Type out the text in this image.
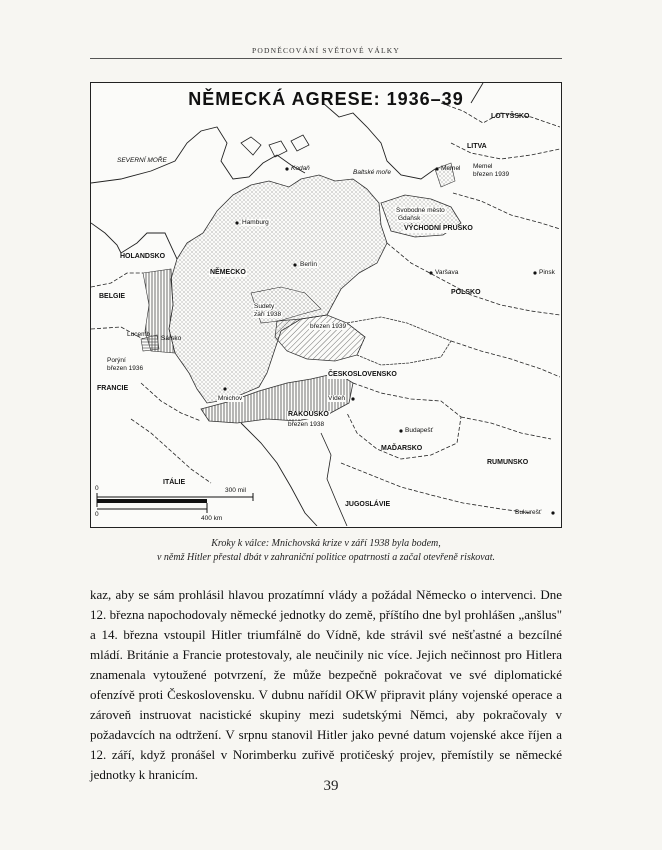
PODNĚCOVÁNÍ SVĚTOVÉ VÁLKY
NĚMECKÁ AGRESE: 1936–39
SEVERNÍ MOŘE
Baltské moře
Kodaň
Hamburg
Berlín
NĚMECKO
HOLANDSKO
BELGIE
Lucemb.
Sársko
Porýní
březen 1936
FRANCIE
Sudety
září 1938
březen 1939
ČESKOSLOVENSKO
Mnichov
RAKOUSKO
březen 1938
Vídeň
Budapešť
MAĎARSKO
LOTYŠSKO
LITVA
Memel Memel
březen 1939
Svobodné město
Gdaňsk
VÝCHODNÍ PRUSKO
Varšava	Pinsk
POLSKO
RUMUNSKO
Bukurešť
JUGOSLÁVIE
ITÁLIE
0	300 mil
0
400 km
Kroky k válce: Mnichovská krize v září 1938 byla bodem,
v němž Hitler přestal dbát v zahraniční politice opatrnosti a začal otevřeně riskovat.

kaz, aby se sám prohlásil hlavou prozatímní vlády a požádal Německo o intervenci. Dne 12. března napochodovaly německé jednotky do země, příštího dne byl prohlášen „anšlus" a 14. března vstoupil Hitler triumfálně do Vídně, kde strávil své nešťastné a bezcílné mládí. Británie a Francie protestovaly, ale neučinily nic více. Jejich nečinnost pro Hitlera znamenala vytoužené potvrzení, že může bezpečně pokračovat ve své diplomatické ofenzívě proti Československu. V dubnu nařídil OKW připravit plány vojenské operace a zároveň instruovat nacistické skupiny mezi sudetskými Němci, aby pokračovaly v požadavcích na odtržení. V srpnu stanovil Hitler jako pevné datum vojenské akce říjen a 12. září, když pronášel v Norimberku zuřivě protičeský projev, přemístily se německé jednotky k hranicím.

39
